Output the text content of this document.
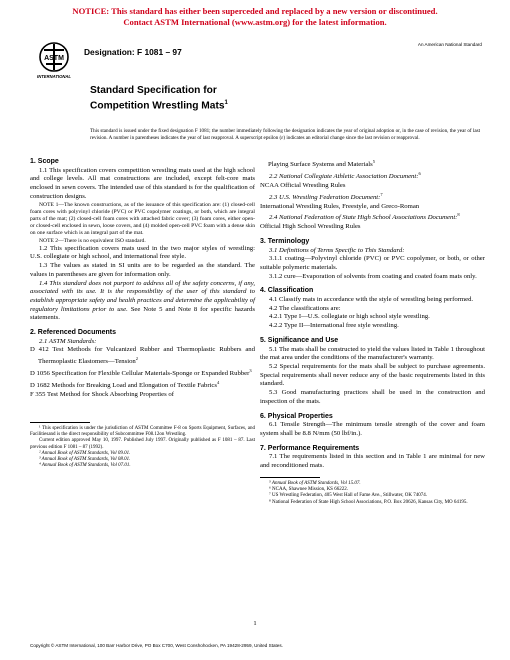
NOTICE: This standard has either been superceded and replaced by a new version or discontinued.
Contact ASTM International (www.astm.org) for the latest information.
ASTM
INTERNATIONAL
Designation: F 1081 – 97
An American National Standard
Standard Specification for
Competition Wrestling Mats$^1$
This standard is issued under the fixed designation F 1081; the number immediately following the designation indicates the year of original adoption or, in the case of revision, the year of last revision. A number in parentheses indicates the year of last reapproval. A superscript epsilon (ε) indicates an editorial change since the last revision or reapproval.

1. Scope

1.1 This specification covers competition wrestling mats used at the high school and college levels. All mat constructions are included, except felt-core mats enclosed in sewn covers. The intended use of this standard is for the qualification of construction designs.

NOTE 1—The known constructions, as of the issuance of this specification are: (1) closed-cell foam cores with polyvinyl chloride (PVC) or PVC copolymer coatings, or both, which are integral parts of the mat; (2) closed-cell foam cores with attached fabric cover; (3) foam cores, either open- or closed-cell enclosed in sewn, loose covers, and (4) molded open-cell PVC foam with a dense skin on one surface which is an integral part of the mat.

NOTE 2—There is no equivalent ISO standard.

1.2 This specification covers mats used in the two major styles of wrestling: U.S. collegiate or high school, and international free style.

1.3 The values as stated in SI units are to be regarded as the standard. The values in parentheses are given for information only.

1.4 This standard does not purport to address all of the safety concerns, if any, associated with its use. It is the responsibility of the user of this standard to establish appropriate safety and health practices and determine the applicability of regulatory limitations prior to use. See Note 5 and Note 8 for specific hazards statements.

2. Referenced Documents

2.1 ASTM Standards:

D 412 Test Methods for Vulcanized Rubber and Thermoplastic Rubbers and Thermoplastic Elastomers—Tension$^2$

D 1056 Specification for Flexible Cellular Materials-Sponge or Expanded Rubber$^3$

D 1682 Methods for Breaking Load and Elongation of Textile Fabrics$^4$

F 355 Test Method for Shock Absorbing Properties of

¹ This specification is under the jurisdiction of ASTM Committee F-8 on Sports Equipment, Surfaces, and Facilitiesand is the direct responsibility of Subcommittee F08.12on Wrestling.

Current edition approved May 10, 1997. Published July 1997. Originally published as F 1081 – 87. Last previous edition F 1081 – 87 (1992).

² Annual Book of ASTM Standards, Vol 09.01.

³ Annual Book of ASTM Standards, Vol 08.01.

⁴ Annual Book of ASTM Standards, Vol 07.01.

Playing Surface Systems and Materials$^5$

2.2 National Collegiate Athletic Association Document:$^6$

NCAA Official Wrestling Rules

2.3 U.S. Wrestling Federation Document:$^7$

International Wrestling Rules, Freestyle, and Greco-Roman

2.4 National Federation of State High School Associations Document:$^8$

Official High School Wrestling Rules

3. Terminology

3.1 Definitions of Terms Specific to This Standard:

3.1.1 coating—Polyvinyl chloride (PVC) or PVC copolymer, or both, or other suitable polymeric materials.

3.1.2 cure—Evaporation of solvents from coating and coated foam mats only.

4. Classification

4.1 Classify mats in accordance with the style of wrestling being performed.

4.2 The classifications are:

4.2.1 Type I—U.S. collegiate or high school style wrestling.

4.2.2 Type II—International free style wrestling.

5. Significance and Use

5.1 The mats shall be constructed to yield the values listed in Table 1 throughout the mat area under the conditions of the manufacturer's warranty.

5.2 Special requirements for the mats shall be subject to purchase agreements. Special requirements shall never reduce any of the basic requirements listed in this standard.

5.3 Good manufacturing practices shall be used in the construction and inspection of the mats.

6. Physical Properties

6.1 Tensile Strength—The minimum tensile strength of the cover and foam system shall be 8.8 N/mm (50 lbf/in.).

7. Performance Requirements

7.1 The requirements listed in this section and in Table 1 are minimal for new and reconditioned mats.

⁵ Annual Book of ASTM Standards, Vol 15.07.

⁶ NCAA, Shawnee Mission, KS 66222.

⁷ US Wrestling Federation, 405 West Hall of Fame Ave., Stillwater, OK 74074.

⁸ National Federation of State High School Associations, P.O. Box 20626, Kansas City, MO 64195.

1
Copyright © ASTM International, 100 Barr Harbor Drive, PO Box C700, West Conshohocken, PA 19428-2959, United States.
